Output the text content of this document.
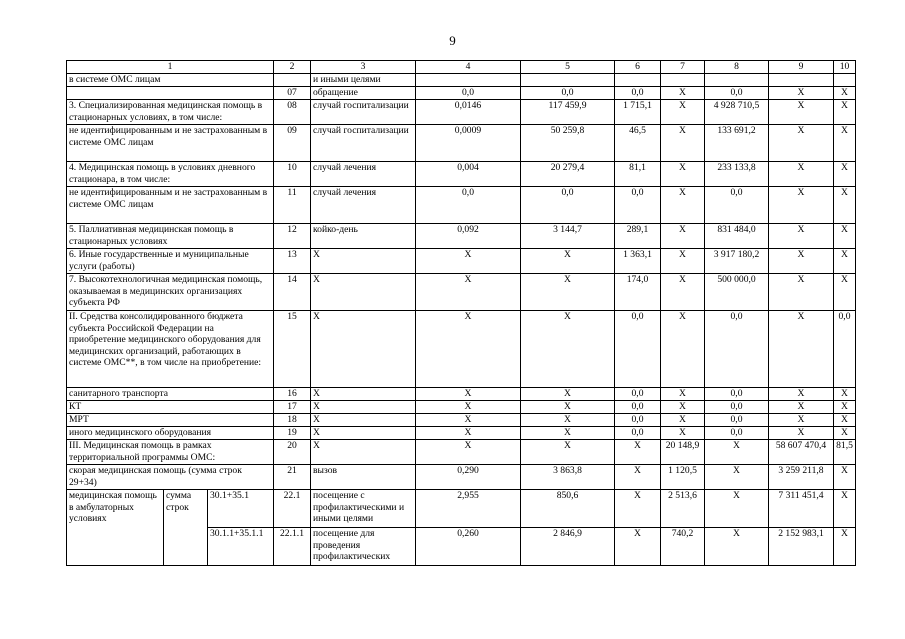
9
1			2	3	4	5	6	7	8	9	10
в системе ОМС лицам				и иными целями							
			07	обращение	0,0	0,0	0,0	Х	0,0	Х	Х
3. Специализированная медицинская помощь в стационарных условиях, в том числе:			08	случай госпитализации	0,0146	117 459,9	1 715,1	Х	4 928 710,5	Х	Х
не идентифицированным и не застрахованным в системе ОМС лицам			09	случай госпитализации	0,0009	50 259,8	46,5	Х	133 691,2	Х	Х
4. Медицинская помощь в условиях дневного стационара, в том числе:			10	случай лечения	0,004	20 279,4	81,1	Х	233 133,8	Х	Х
не идентифицированным и не застрахованным в системе ОМС лицам			11	случай лечения	0,0	0,0	0,0	Х	0,0	Х	Х
5. Паллиативная медицинская помощь в стационарных условиях			12	койко-день	0,092	3 144,7	289,1	Х	831 484,0	Х	Х
6. Иные государственные и муниципальные услуги (работы)			13	Х	Х	Х	1 363,1	Х	3 917 180,2	Х	Х
7. Высокотехнологичная медицинская помощь, оказываемая в медицинских организациях субъекта РФ			14	Х	Х	Х	174,0	Х	500 000,0	Х	Х
II. Средства консолидированного бюджета субъекта Российской Федерации на приобретение медицинского оборудования для медицинских организаций, работающих в системе ОМС**, в том числе на приобретение:			15	Х	Х	Х	0,0	Х	0,0	Х	0,0
санитарного транспорта			16	Х	Х	Х	0,0	Х	0,0	Х	Х
КТ			17	Х	Х	Х	0,0	Х	0,0	Х	Х
МРТ			18	Х	Х	Х	0,0	Х	0,0	Х	Х
иного медицинского оборудования			19	Х	Х	Х	0,0	Х	0,0	Х	Х
III. Медицинская помощь в рамках территориальной программы ОМС:			20	Х	Х	Х	Х	20 148,9	Х	58 607 470,4	81,5
скорая медицинская помощь (сумма строк 29+34)			21	вызов	0,290	3 863,8	Х	1 120,5	Х	3 259 211,8	Х
медицинская помощь в амбулаторных условиях	сумма строк	30.1+35.1	22.1	посещение с профилактическими и иными целями	2,955	850,6	Х	2 513,6	Х	7 311 451,4	Х
		30.1.1+35.1.1	22.1.1	посещение для проведения профилактических	0,260	2 846,9	Х	740,2	Х	2 152 983,1	Х
